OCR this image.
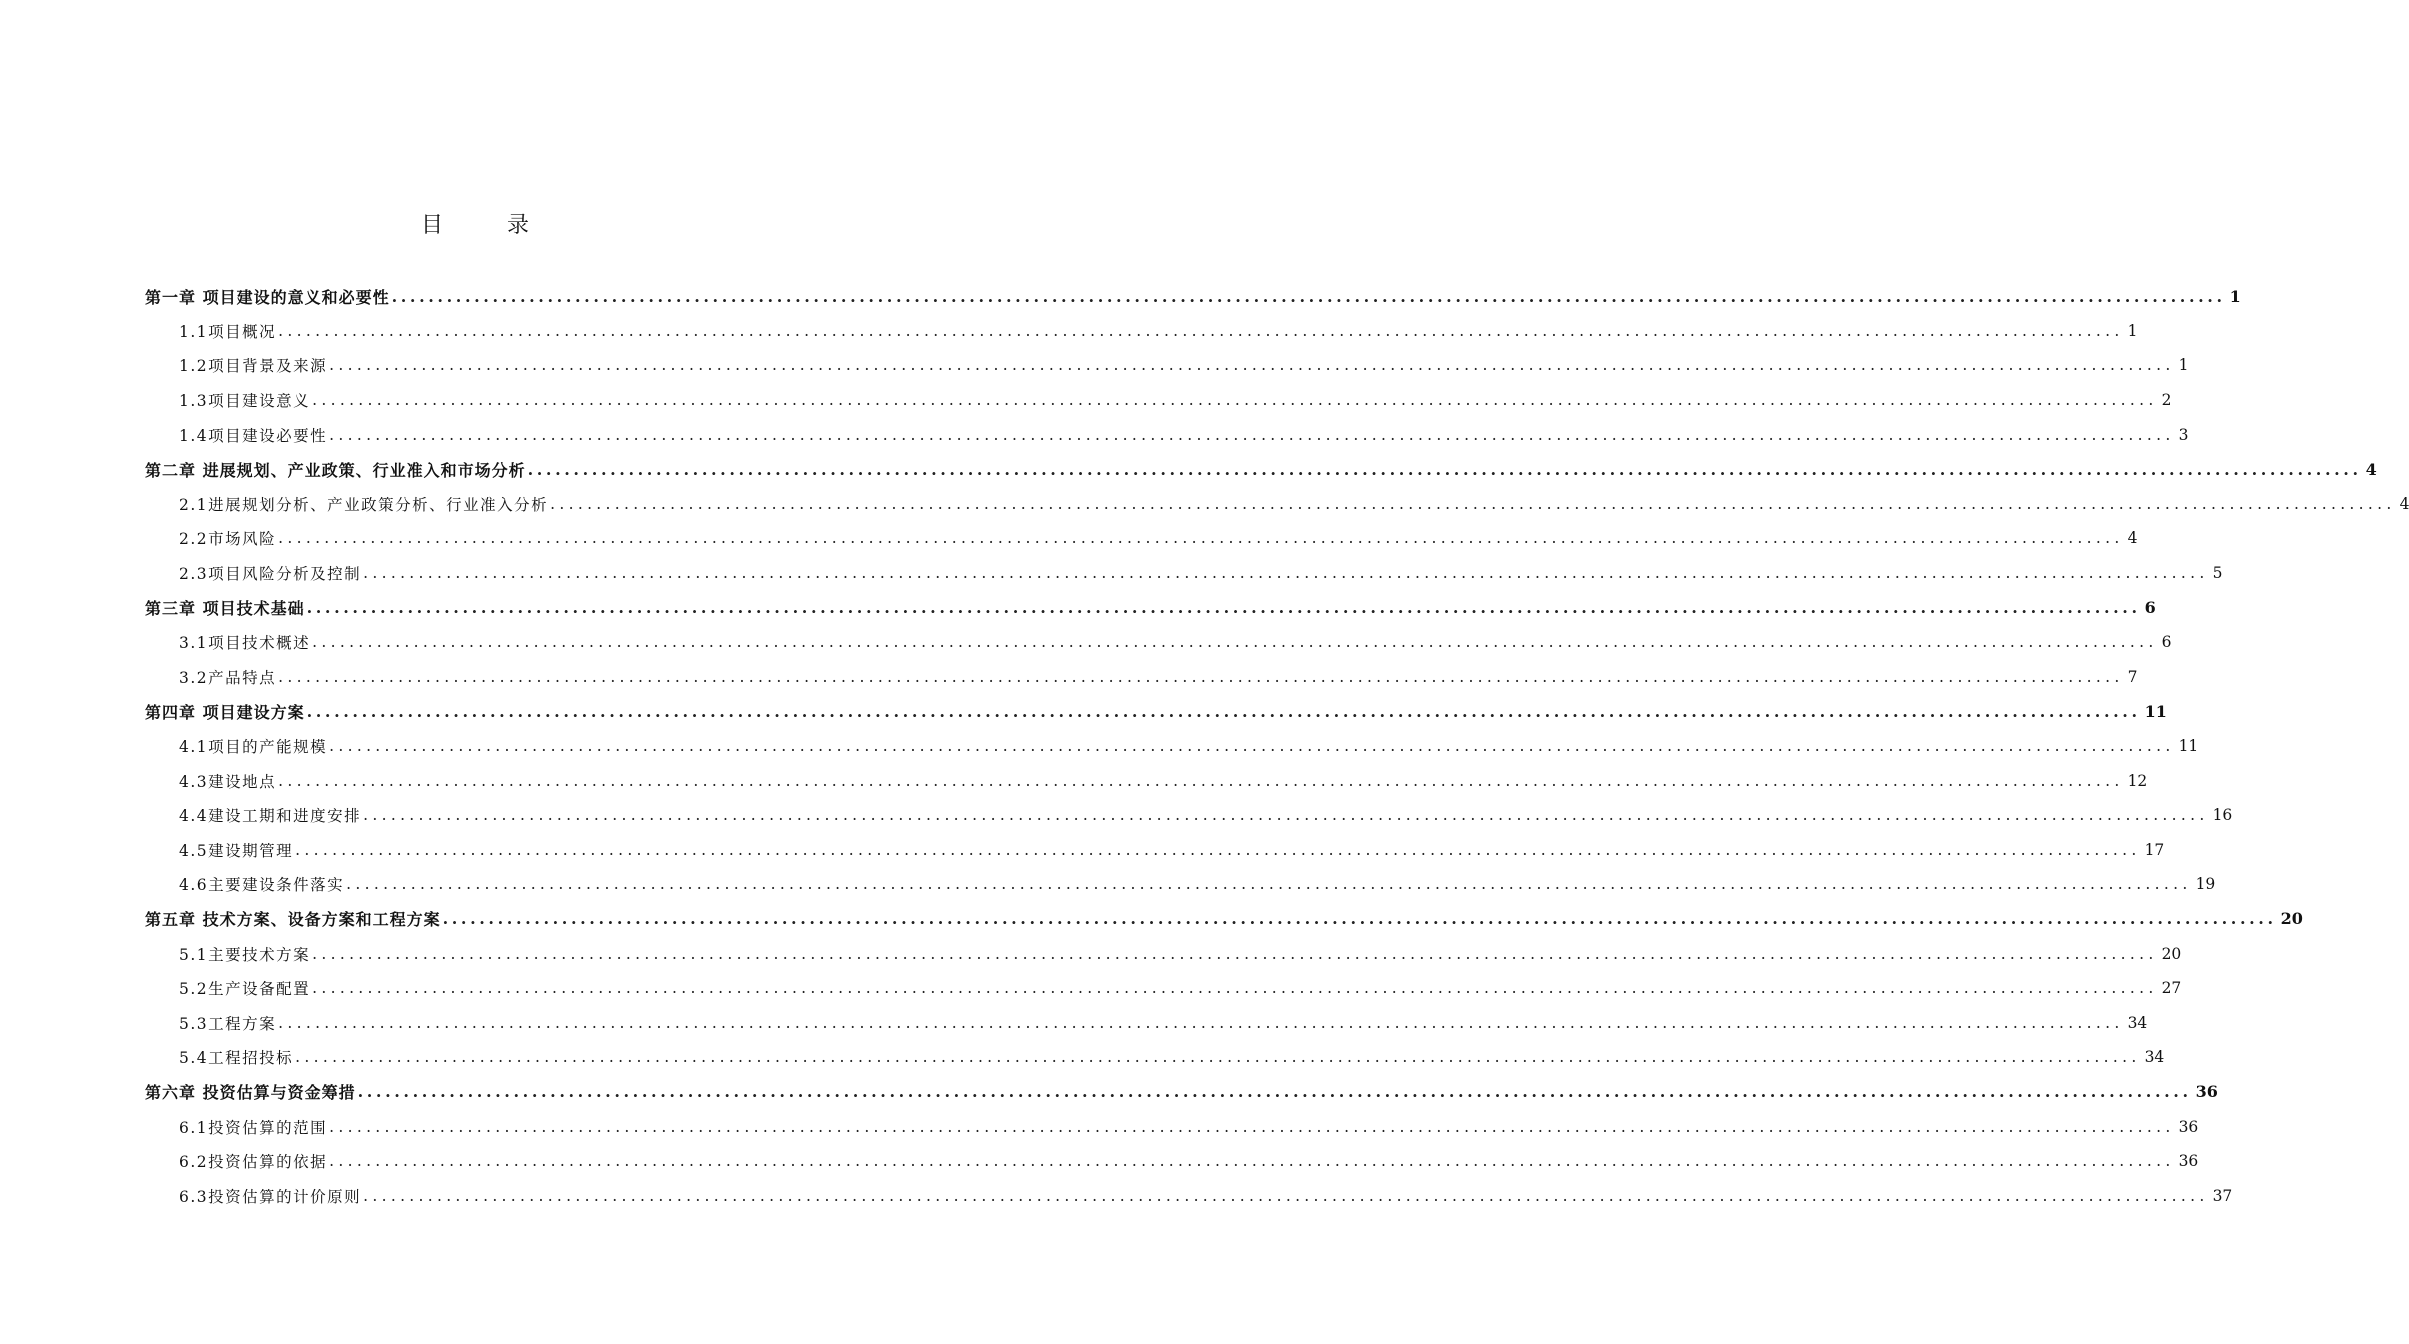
目	录
第一章 项目建设的意义和必要性 ........................................................................................................................................................................................................ 1
1.1项目概况 ........................................................................................................................................................................................................ 1
1.2项目背景及来源 ........................................................................................................................................................................................................ 1
1.3项目建设意义 ........................................................................................................................................................................................................ 2
1.4项目建设必要性 ........................................................................................................................................................................................................ 3
第二章 进展规划、产业政策、行业准入和市场分析 ........................................................................................................................................................................................................ 4
2.1进展规划分析、产业政策分析、行业准入分析 ........................................................................................................................................................................................................ 4
2.2市场风险 ........................................................................................................................................................................................................ 4
2.3项目风险分析及控制 ........................................................................................................................................................................................................ 5
第三章 项目技术基础 ........................................................................................................................................................................................................ 6
3.1项目技术概述 ........................................................................................................................................................................................................ 6
3.2产品特点 ........................................................................................................................................................................................................ 7
第四章 项目建设方案 ........................................................................................................................................................................................................ 11
4.1项目的产能规模 ........................................................................................................................................................................................................ 11
4.3建设地点 ........................................................................................................................................................................................................ 12
4.4建设工期和进度安排 ........................................................................................................................................................................................................ 16
4.5建设期管理 ........................................................................................................................................................................................................ 17
4.6主要建设条件落实 ........................................................................................................................................................................................................ 19
第五章 技术方案、设备方案和工程方案 ........................................................................................................................................................................................................ 20
5.1主要技术方案 ........................................................................................................................................................................................................ 20
5.2生产设备配置 ........................................................................................................................................................................................................ 27
5.3工程方案 ........................................................................................................................................................................................................ 34
5.4工程招投标 ........................................................................................................................................................................................................ 34
第六章 投资估算与资金筹措 ........................................................................................................................................................................................................ 36
6.1投资估算的范围 ........................................................................................................................................................................................................ 36
6.2投资估算的依据 ........................................................................................................................................................................................................ 36
6.3投资估算的计价原则 ........................................................................................................................................................................................................ 37
